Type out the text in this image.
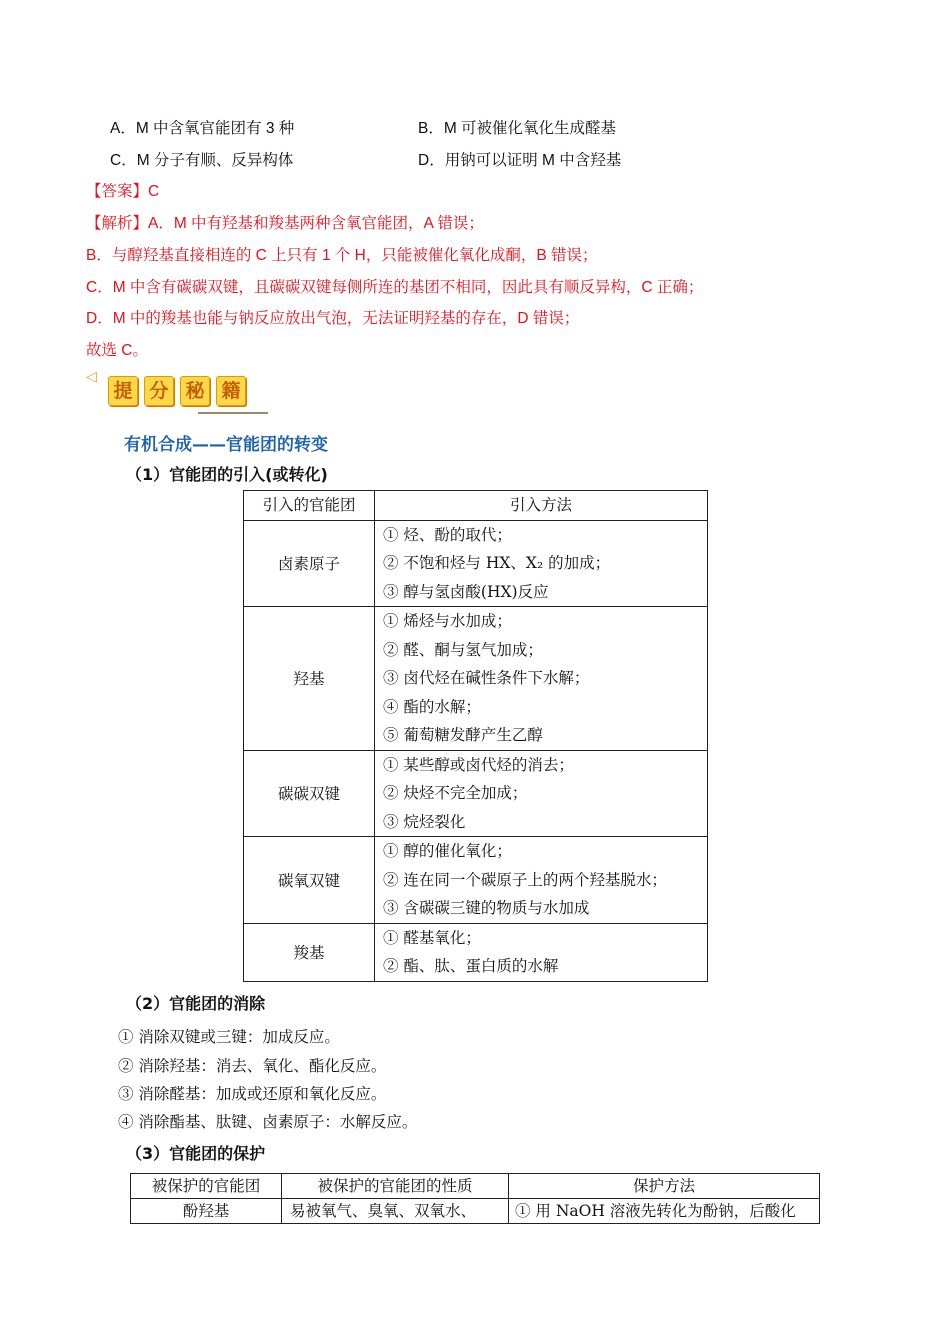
A．M 中含氧官能团有 3 种	B．M 可被催化氧化生成醛基
C．M 分子有顺、反异构体	D．用钠可以证明 M 中含羟基
【答案】C
【解析】A．M 中有羟基和羧基两种含氧官能团，A 错误；
B．与醇羟基直接相连的 C 上只有 1 个 H，只能被催化氧化成酮，B 错误；
C．M 中含有碳碳双键，且碳碳双键每侧所连的基团不相同，因此具有顺反异构，C 正确；
D．M 中的羧基也能与钠反应放出气泡，无法证明羟基的存在，D 错误；
故选 C。
◁
提 分 秘 籍
有机合成——官能团的转变
（1）官能团的引入(或转化)
引入的官能团	引入方法
卤素原子	① 烃、酚的取代；
② 不饱和烃与 HX、X₂ 的加成；
③ 醇与氢卤酸(HX)反应

羟基	① 烯烃与水加成；
② 醛、酮与氢气加成；
③ 卤代烃在碱性条件下水解；
④ 酯的水解；
⑤ 葡萄糖发酵产生乙醇

碳碳双键	① 某些醇或卤代烃的消去；
② 炔烃不完全加成；
③ 烷烃裂化

碳氧双键	① 醇的催化氧化；
② 连在同一个碳原子上的两个羟基脱水；
③ 含碳碳三键的物质与水加成

羧基	① 醛基氧化；
② 酯、肽、蛋白质的水解
（2）官能团的消除
① 消除双键或三键：加成反应。
② 消除羟基：消去、氧化、酯化反应。
③ 消除醛基：加成或还原和氧化反应。
④ 消除酯基、肽键、卤素原子：水解反应。
（3）官能团的保护
被保护的官能团	被保护的官能团的性质	保护方法
酚羟基	易被氧气、臭氧、双氧水、	① 用 NaOH 溶液先转化为酚钠，后酸化
